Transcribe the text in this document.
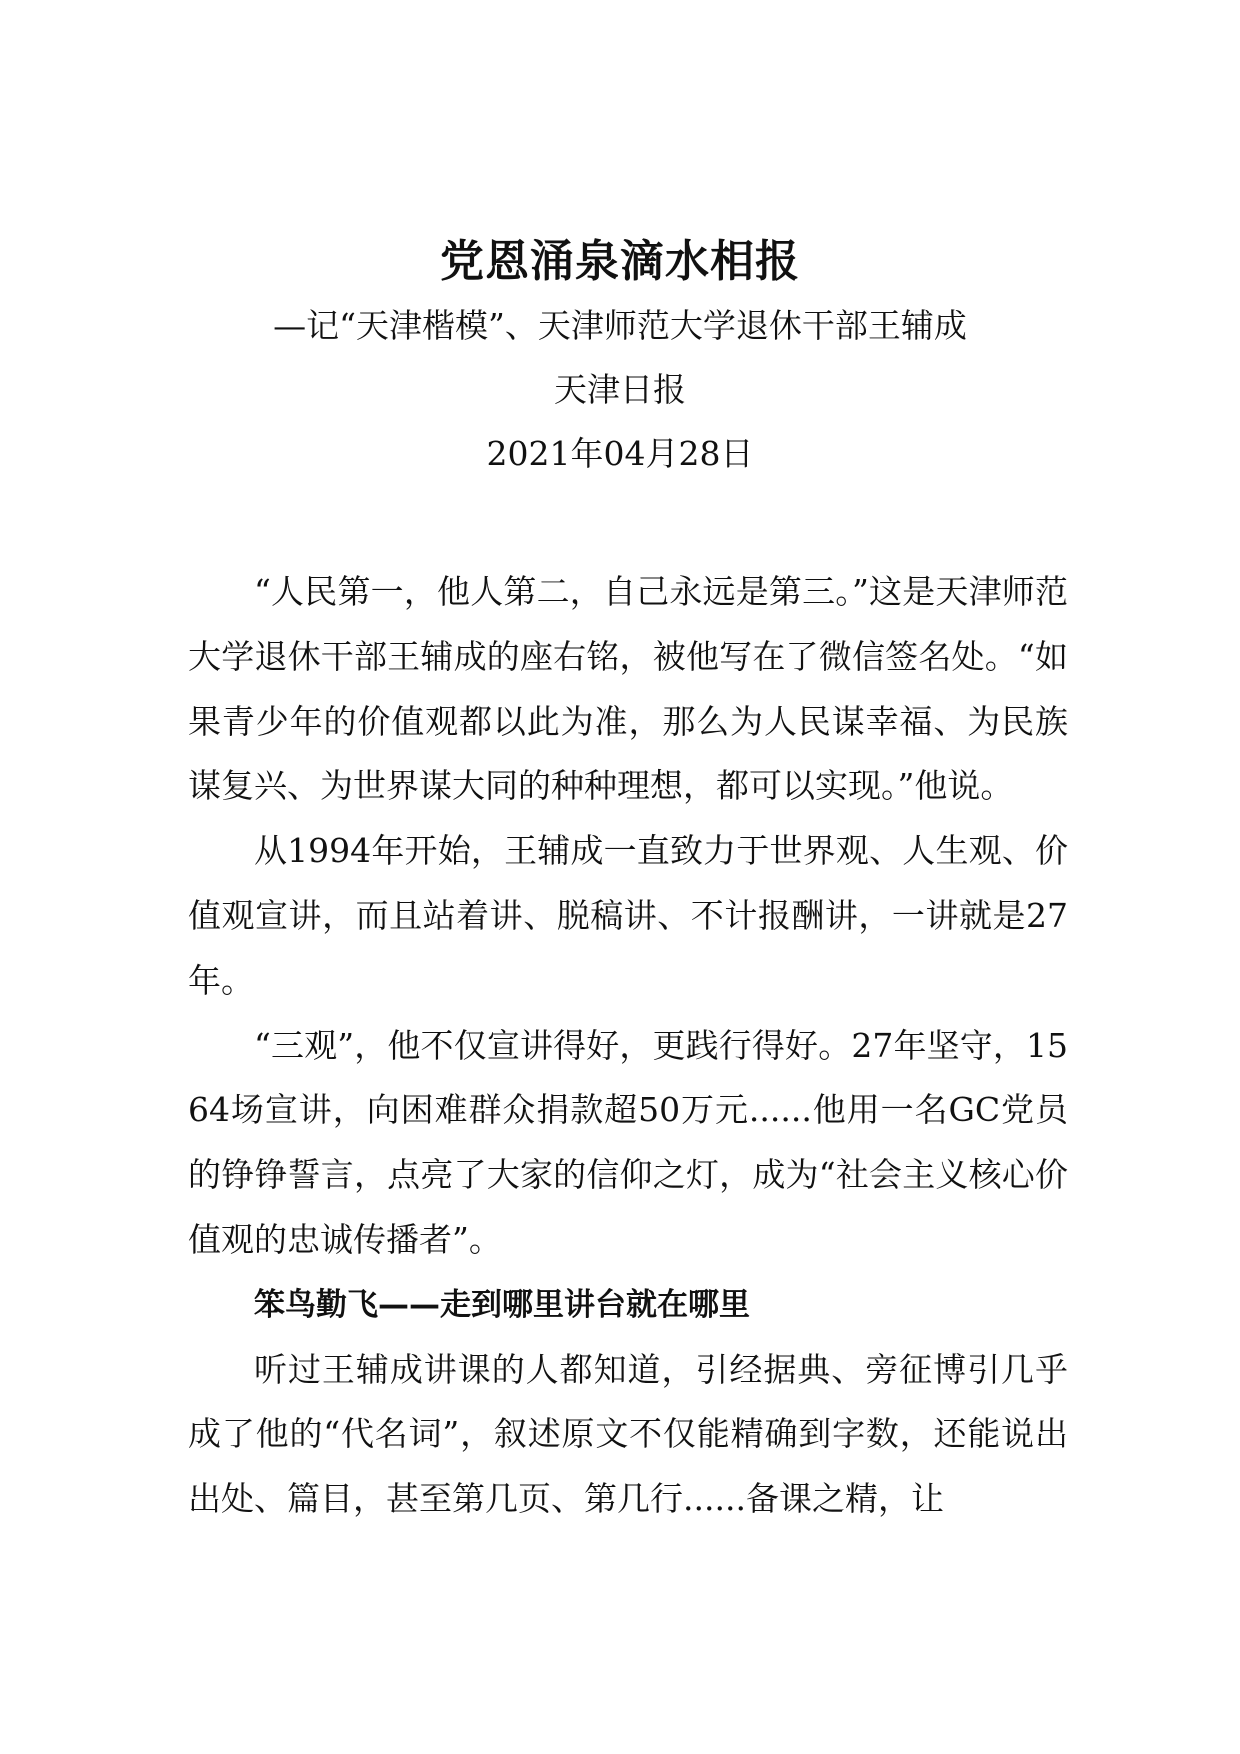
党恩涌泉滴水相报
—记“天津楷模”、天津师范大学退休干部王辅成
天津日报
2021年04月28日

“人民第一，他人第二，自己永远是第三。”这是天津师范大学退休干部王辅成的座右铭，被他写在了微信签名处。“如果青少年的价值观都以此为准，那么为人民谋幸福、为民族谋复兴、为世界谋大同的种种理想，都可以实现。”他说。

从1994年开始，王辅成一直致力于世界观、人生观、价值观宣讲，而且站着讲、脱稿讲、不计报酬讲，一讲就是27年。

“三观”，他不仅宣讲得好，更践行得好。27年坚守，1564场宣讲，向困难群众捐款超50万元......他用一名GC党员的铮铮誓言，点亮了大家的信仰之灯，成为“社会主义核心价值观的忠诚传播者”。

笨鸟勤飞——走到哪里讲台就在哪里

听过王辅成讲课的人都知道，引经据典、旁征博引几乎成了他的“代名词”，叙述原文不仅能精确到字数，还能说出出处、篇目，甚至第几页、第几行......备课之精，让
